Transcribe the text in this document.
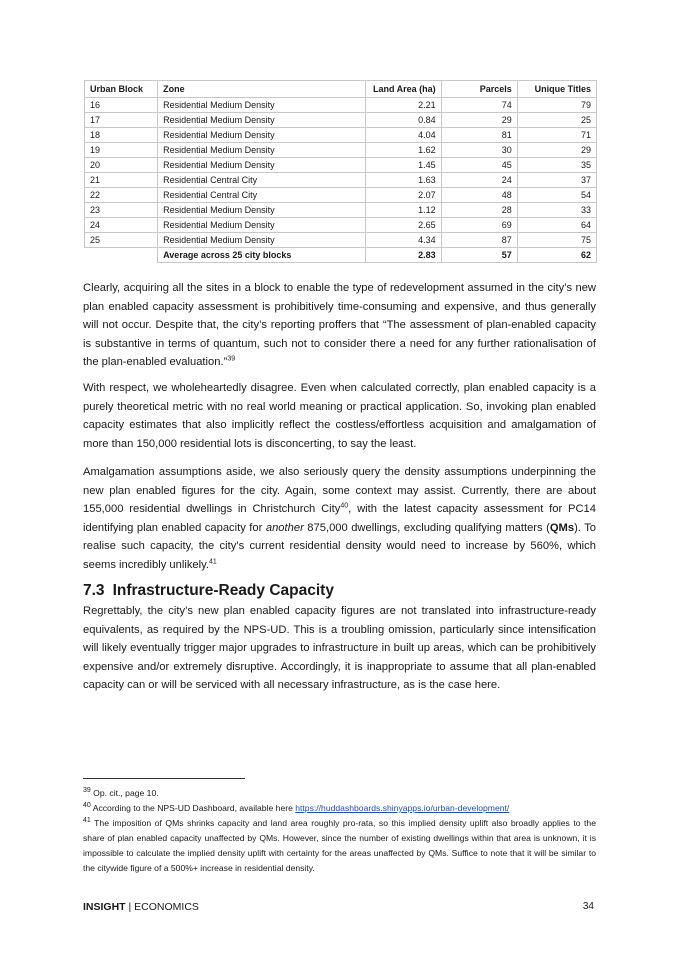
Urban Block	Zone	Land Area (ha)	Parcels	Unique Titles
16	Residential Medium Density	2.21	74	79
17	Residential Medium Density	0.84	29	25
18	Residential Medium Density	4.04	81	71
19	Residential Medium Density	1.62	30	29
20	Residential Medium Density	1.45	45	35
21	Residential Central City	1.63	24	37
22	Residential Central City	2.07	48	54
23	Residential Medium Density	1.12	28	33
24	Residential Medium Density	2.65	69	64
25	Residential Medium Density	4.34	87	75
	Average across 25 city blocks	2.83	57	62

Clearly, acquiring all the sites in a block to enable the type of redevelopment assumed in the city’s new plan enabled capacity assessment is prohibitively time-consuming and expensive, and thus generally will not occur. Despite that, the city’s reporting proffers that “The assessment of plan-enabled capacity is substantive in terms of quantum, such not to consider there a need for any further rationalisation of the plan-enabled evaluation.”$^{39}$

With respect, we wholeheartedly disagree. Even when calculated correctly, plan enabled capacity is a purely theoretical metric with no real world meaning or practical application. So, invoking plan enabled capacity estimates that also implicitly reflect the costless/effortless acquisition and amalgamation of more than 150,000 residential lots is disconcerting, to say the least.

Amalgamation assumptions aside, we also seriously query the density assumptions underpinning the new plan enabled figures for the city. Again, some context may assist. Currently, there are about 155,000 residential dwellings in Christchurch City$^{40}$, with the latest capacity assessment for PC14 identifying plan enabled capacity for another 875,000 dwellings, excluding qualifying matters (QMs). To realise such capacity, the city’s current residential density would need to increase by 560%, which seems incredibly unlikely.$^{41}$

7.3 Infrastructure-Ready Capacity

Regrettably, the city’s new plan enabled capacity figures are not translated into infrastructure-ready equivalents, as required by the NPS-UD. This is a troubling omission, particularly since intensification will likely eventually trigger major upgrades to infrastructure in built up areas, which can be prohibitively expensive and/or extremely disruptive. Accordingly, it is inappropriate to assume that all plan-enabled capacity can or will be serviced with all necessary infrastructure, as is the case here.

$^{39}$ Op. cit., page 10.

$^{40}$ According to the NPS-UD Dashboard, available here https://huddashboards.shinyapps.io/urban-development/

$^{41}$ The imposition of QMs shrinks capacity and land area roughly pro-rata, so this implied density uplift also broadly applies to the share of plan enabled capacity unaffected by QMs. However, since the number of existing dwellings within that area is unknown, it is impossible to calculate the implied density uplift with certainty for the areas unaffected by QMs. Suffice to note that it will be similar to the citywide figure of a 500%+ increase in residential density.

INSIGHT | ECONOMICS	34
